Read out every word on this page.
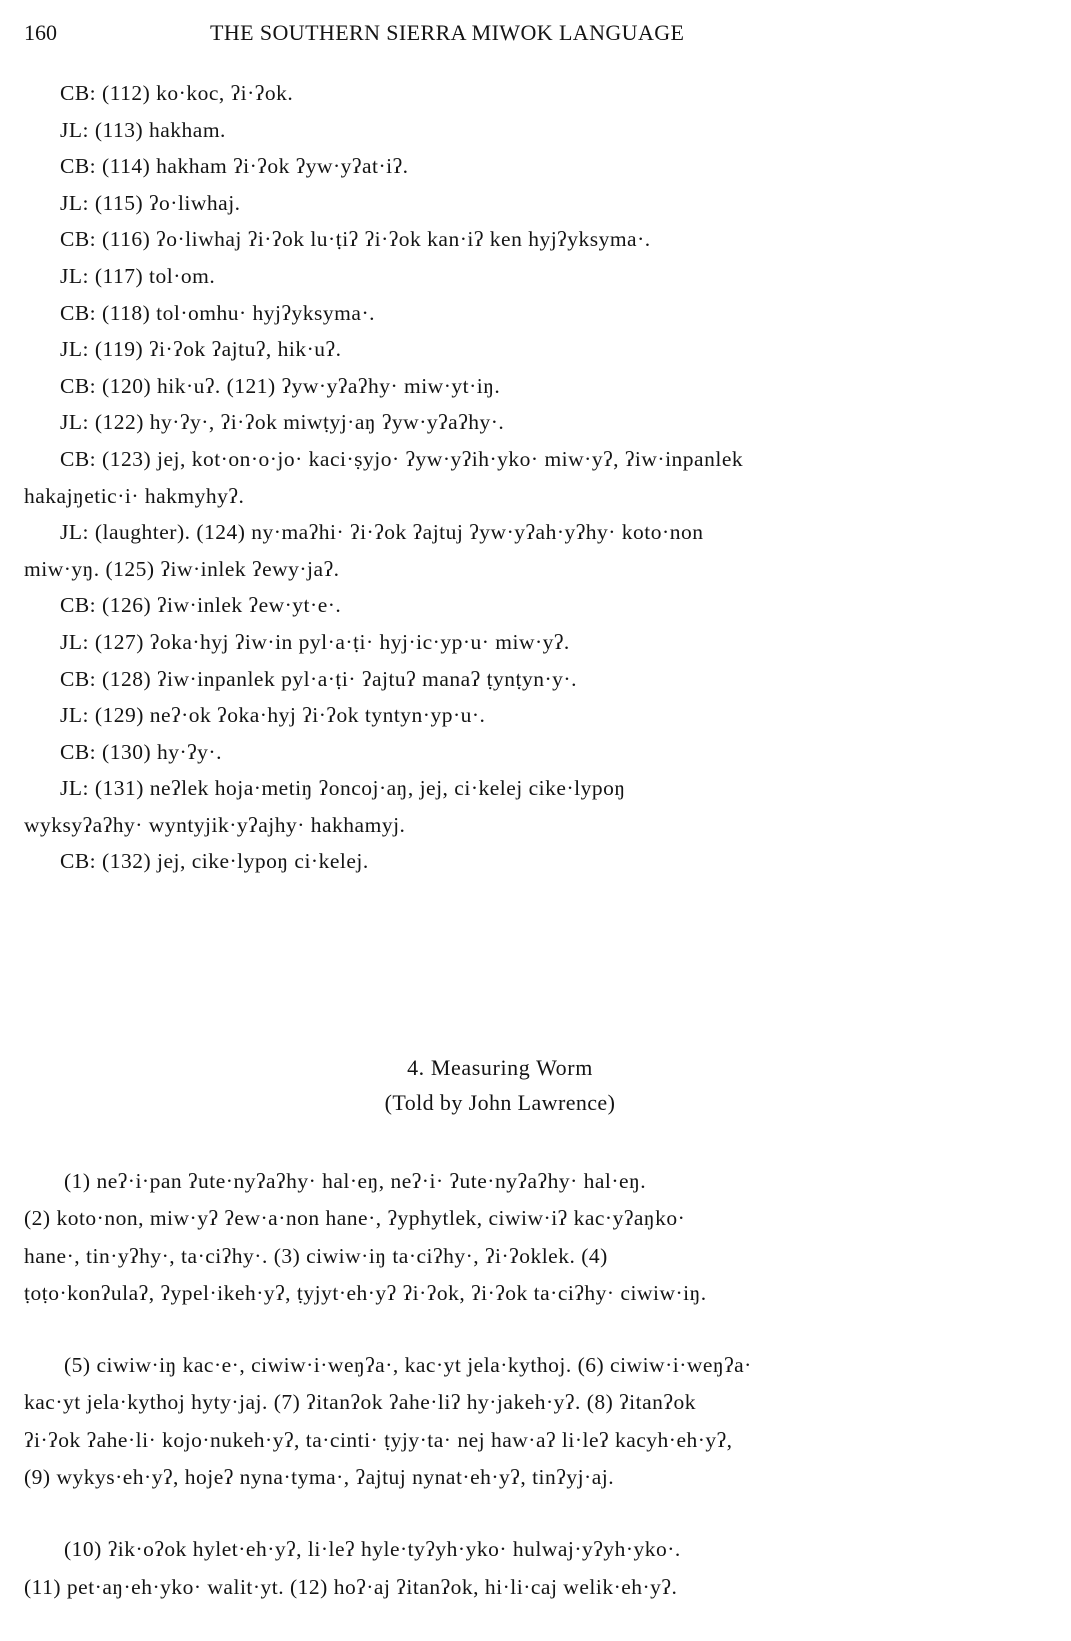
160	THE SOUTHERN SIERRA MIWOK LANGUAGE
CB: (112) ko·koc, ʔi·ʔok.
JL: (113) hakham.
CB: (114) hakham ʔi·ʔok ʔyw·yʔat·iʔ.
JL: (115) ʔo·liwhaj.
CB: (116) ʔo·liwhaj ʔi·ʔok lu·ṭiʔ ʔi·ʔok kan·iʔ ken hyjʔyksyma·.
JL: (117) tol·om.
CB: (118) tol·omhu· hyjʔyksyma·.
JL: (119) ʔi·ʔok ʔajtuʔ, hik·uʔ.
CB: (120) hik·uʔ. (121) ʔyw·yʔaʔhy· miw·yt·iŋ.
JL: (122) hy·ʔy·, ʔi·ʔok miwṭyj·aŋ ʔyw·yʔaʔhy·.
CB: (123) jej, kot·on·o·jo· kaci·ṣyjo· ʔyw·yʔih·yko· miw·yʔ, ʔiw·inpanlek
hakajŋetic·i· hakmyhyʔ.
JL: (laughter). (124) ny·maʔhi· ʔi·ʔok ʔajtuj ʔyw·yʔah·yʔhy· koto·non
miw·yŋ. (125) ʔiw·inlek ʔewy·jaʔ.
CB: (126) ʔiw·inlek ʔew·yt·e·.
JL: (127) ʔoka·hyj ʔiw·in pyl·a·ṭi· hyj·ic·yp·u· miw·yʔ.
CB: (128) ʔiw·inpanlek pyl·a·ṭi· ʔajtuʔ manaʔ ṭynṭyn·y·.
JL: (129) neʔ·ok ʔoka·hyj ʔi·ʔok tyntyn·yp·u·.
CB: (130) hy·ʔy·.
JL: (131) neʔlek hoja·metiŋ ʔoncoj·aŋ, jej, ci·kelej cike·lypoŋ
wyksyʔaʔhy· wyntyjik·yʔajhy· hakhamyj.
CB: (132) jej, cike·lypoŋ ci·kelej.
4. Measuring Worm
(Told by John Lawrence)
(1) neʔ·i·pan ʔute·nyʔaʔhy· hal·eŋ, neʔ·i· ʔute·nyʔaʔhy· hal·eŋ.
(2) koto·non, miw·yʔ ʔew·a·non hane·, ʔyphytlek, ciwiw·iʔ kac·yʔaŋko·
hane·, tin·yʔhy·, ta·ciʔhy·. (3) ciwiw·iŋ ta·ciʔhy·, ʔi·ʔoklek. (4)
ṭoṭo·konʔulaʔ, ʔypel·ikeh·yʔ, ṭyjyt·eh·yʔ ʔi·ʔok, ʔi·ʔok ta·ciʔhy· ciwiw·iŋ.
(5) ciwiw·iŋ kac·e·, ciwiw·i·weŋʔa·, kac·yt jela·kythoj. (6) ciwiw·i·weŋʔa·
kac·yt jela·kythoj hyty·jaj. (7) ʔitanʔok ʔahe·liʔ hy·jakeh·yʔ. (8) ʔitanʔok
ʔi·ʔok ʔahe·li· kojo·nukeh·yʔ, ta·cinti· ṭyjy·ta· nej haw·aʔ li·leʔ kacyh·eh·yʔ,
(9) wykys·eh·yʔ, hojeʔ nyna·tyma·, ʔajtuj nynat·eh·yʔ, tinʔyj·aj.
(10) ʔik·oʔok hylet·eh·yʔ, li·leʔ hyle·tyʔyh·yko· hulwaj·yʔyh·yko·.
(11) pet·aŋ·eh·yko· walit·yt. (12) hoʔ·aj ʔitanʔok, hi·li·caj welik·eh·yʔ.
